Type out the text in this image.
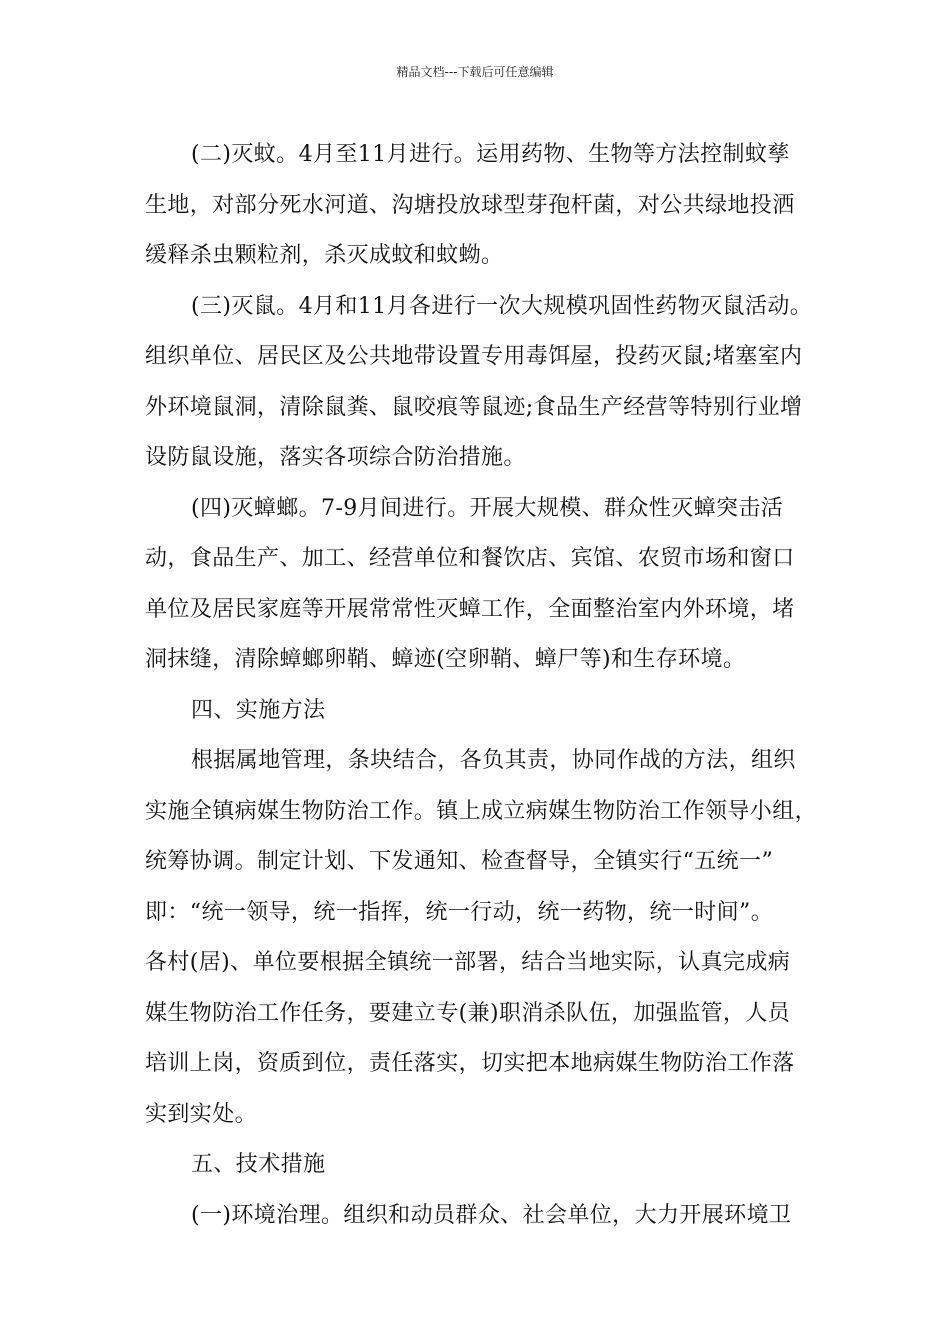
精品文档---下载后可任意编辑
(二)灭蚊。4月至11月进行。运用药物、生物等方法控制蚊孳
生地，对部分死水河道、沟塘投放球型芽孢杆菌，对公共绿地投洒
缓释杀虫颗粒剂，杀灭成蚊和蚊蚴。
(三)灭鼠。4月和11月各进行一次大规模巩固性药物灭鼠活动。
组织单位、居民区及公共地带设置专用毒饵屋，投药灭鼠;堵塞室内
外环境鼠洞，清除鼠粪、鼠咬痕等鼠迹;食品生产经营等特别行业增
设防鼠设施，落实各项综合防治措施。
(四)灭蟑螂。7-9月间进行。开展大规模、群众性灭蟑突击活
动，食品生产、加工、经营单位和餐饮店、宾馆、农贸市场和窗口
单位及居民家庭等开展常常性灭蟑工作，全面整治室内外环境，堵
洞抹缝，清除蟑螂卵鞘、蟑迹(空卵鞘、蟑尸等)和生存环境。
四、实施方法
根据属地管理，条块结合，各负其责，协同作战的方法，组织
实施全镇病媒生物防治工作。镇上成立病媒生物防治工作领导小组，
统筹协调。制定计划、下发通知、检查督导，全镇实行“五统一”
即：“统一领导，统一指挥，统一行动，统一药物，统一时间”。
各村(居)、单位要根据全镇统一部署，结合当地实际，认真完成病
媒生物防治工作任务，要建立专(兼)职消杀队伍，加强监管，人员
培训上岗，资质到位，责任落实，切实把本地病媒生物防治工作落
实到实处。
五、技术措施
(一)环境治理。组织和动员群众、社会单位，大力开展环境卫
